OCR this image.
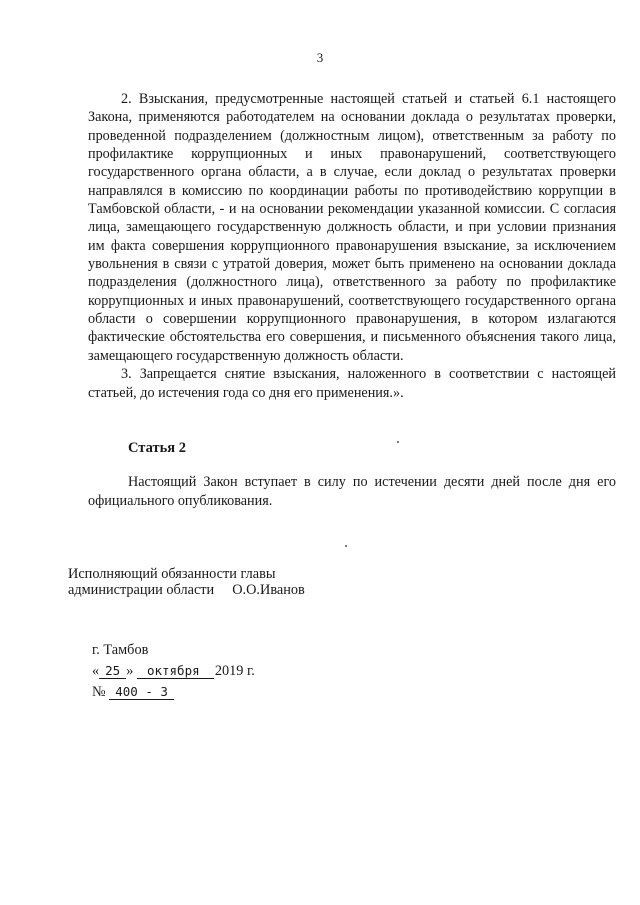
3

2. Взыскания, предусмотренные настоящей статьей и статьей 6.1 настоящего Закона, применяются работодателем на основании доклада о результатах проверки, проведенной подразделением (должностным лицом), ответственным за работу по профилактике коррупционных и иных правонарушений, соответствующего государственного органа области, а в случае, если доклад о результатах проверки направлялся в комиссию по координации работы по противодействию коррупции в Тамбовской области, - и на основании рекомендации указанной комиссии. С согласия лица, замещающего государственную должность области, и при условии признания им факта совершения коррупционного правонарушения взыскание, за исключением увольнения в связи с утратой доверия, может быть применено на основании доклада подразделения (должностного лица), ответственного за работу по профилактике коррупционных и иных правонарушений, соответствующего государственного органа области о совершении коррупционного правонарушения, в котором излагаются фактические обстоятельства его совершения, и письменного объяснения такого лица, замещающего государственную должность области.

3. Запрещается снятие взыскания, наложенного в соответствии с настоящей статьей, до истечения года со дня его применения.».

Статья 2

Настоящий Закон вступает в силу по истечении десяти дней после дня его официального опубликования.

Исполняющий обязанности главы
администрации области О.О.Иванов
г. Тамбов
« 25 » октября  2019 г.
№ 400 - З
